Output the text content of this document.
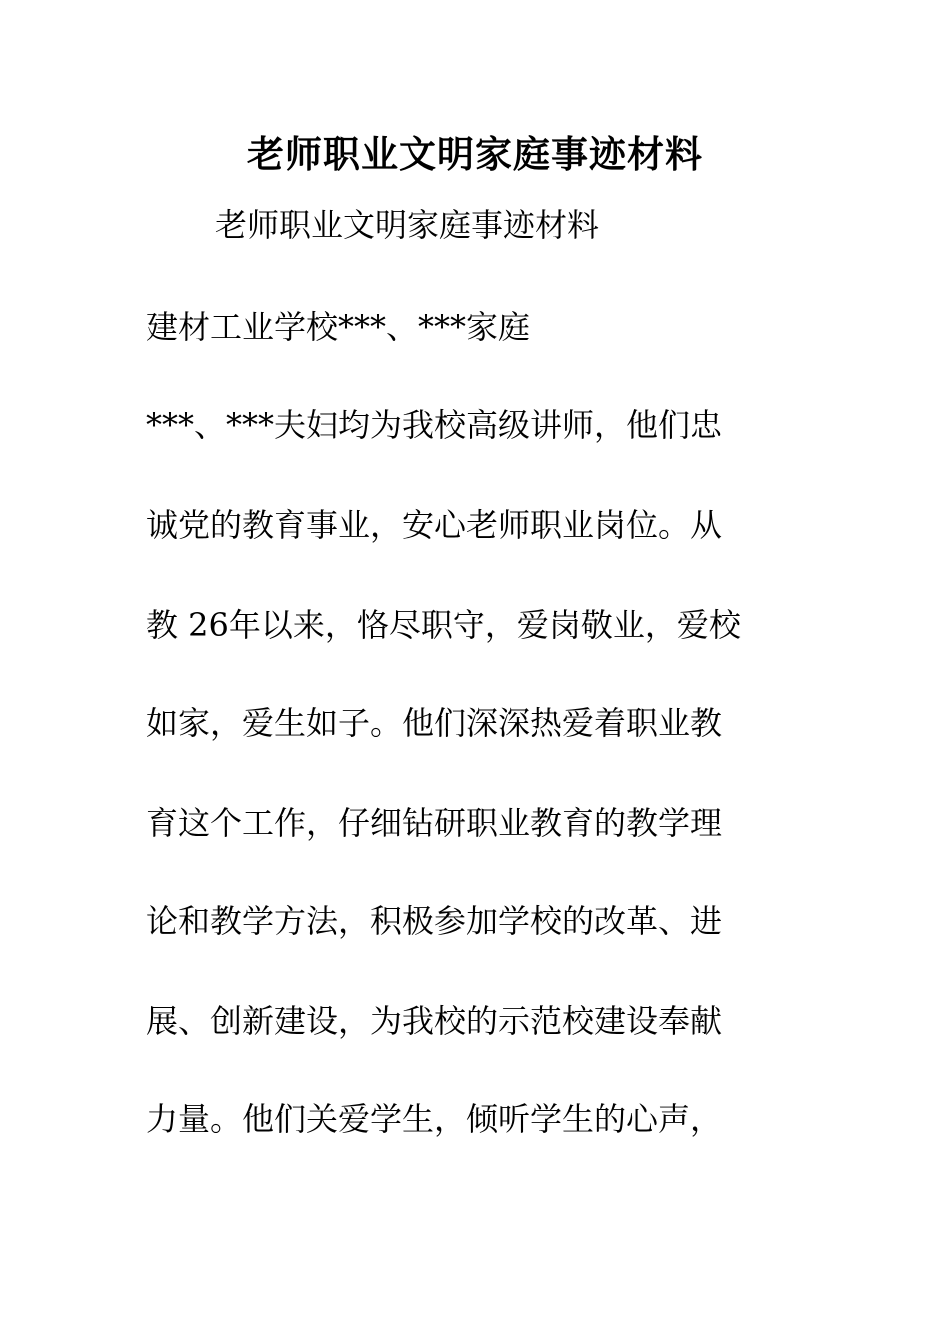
老师职业文明家庭事迹材料
老师职业文明家庭事迹材料
建材工业学校***、***家庭
***、***夫妇均为我校高级讲师，他们忠
诚党的教育事业，安心老师职业岗位。从
教 26年以来，恪尽职守，爱岗敬业，爱校
如家，爱生如子。他们深深热爱着职业教
育这个工作，仔细钻研职业教育的教学理
论和教学方法，积极参加学校的改革、进
展、创新建设，为我校的示范校建设奉献
力量。他们关爱学生，倾听学生的心声，
